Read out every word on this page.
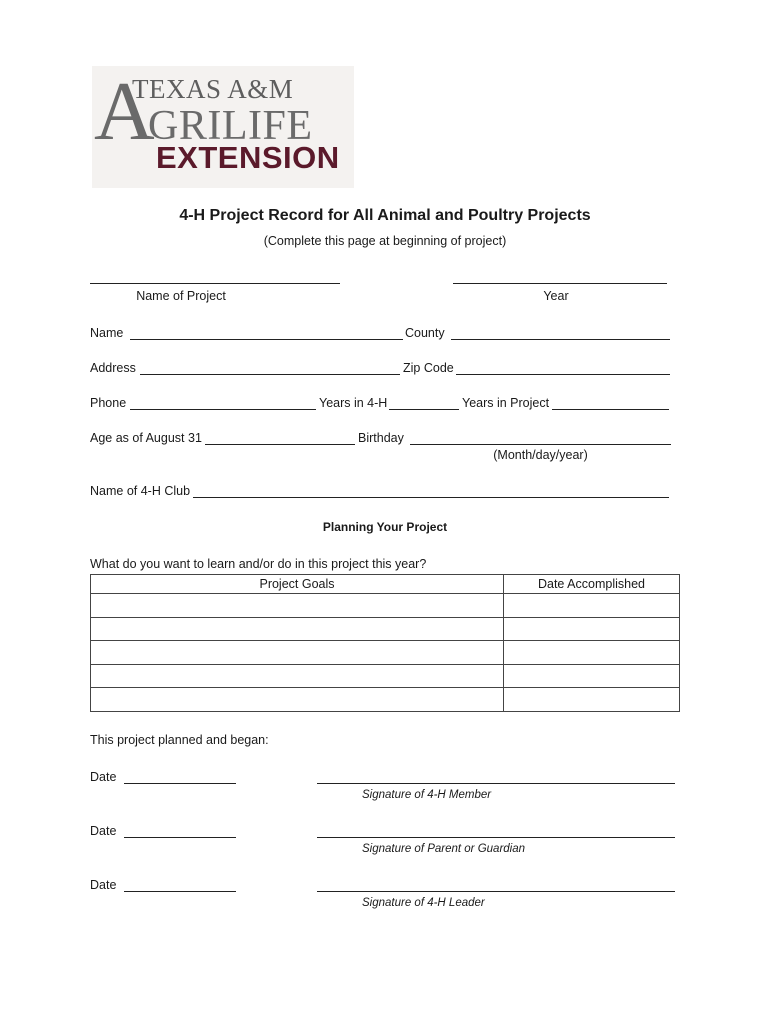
A
TEXAS A&M
GRILIFE
EXTENSION
4-H Project Record for All Animal and Poultry Projects
(Complete this page at beginning of project)
Name of Project	Year
Name	County
Address	Zip Code
Phone	Years in 4-H	Years in Project
Age as of August 31	Birthday
(Month/day/year)
Name of 4-H Club
Planning Your Project
What do you want to learn and/or do in this project this year?
Project Goals	Date Accomplished

This project planned and began:
Date
Signature of 4-H Member
Date
Signature of Parent or Guardian
Date
Signature of 4-H Leader
